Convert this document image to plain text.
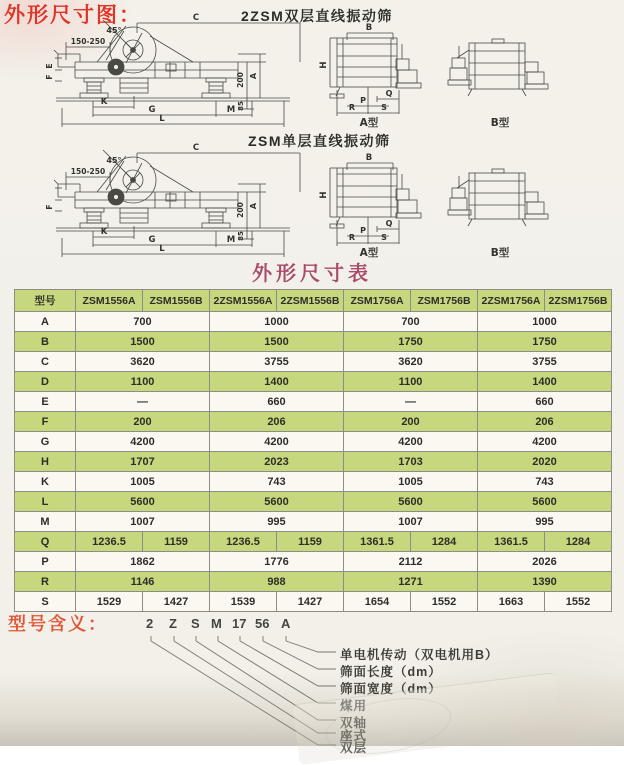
外形尺寸图：	2ZSM双层直线振动筛
45°
C
150-250
E
F	200
85
A
K
G	M
L
B
H
Q
P
R	S
A型	B型
ZSM单层直线振动筛
45°
C
150-250
F	200
85
A
K
G	M
L
B
H
Q
P
R	S
A型	B型
外形尺寸表
型号	ZSM1556A	ZSM1556B	2ZSM1556A	2ZSM1556B	ZSM1756A	ZSM1756B	2ZSM1756A	2ZSM1756B
A	700		1000		700		1000	
B	1500		1500		1750		1750	
C	3620		3755		3620		3755	
D	1100		1400		1100		1400	
E	—		660		—		660	
F	200		206		200		206	
G	4200		4200		4200		4200	
H	1707		2023		1703		2020	
K	1005		743		1005		743	
L	5600		5600		5600		5600	
M	1007		995		1007		995	
Q	1236.5	1159	1236.5	1159	1361.5	1284	1361.5	1284
P	1862		1776		2112		2026	
R	1146		988		1271		1390	
S	1529	1427	1539	1427	1654	1552	1663	1552
型号含义：	2 Z S M 17 56 A
单电机传动（双电机用B）
筛面长度（dm）
筛面宽度（dm）
煤用
双轴
座式
双层
